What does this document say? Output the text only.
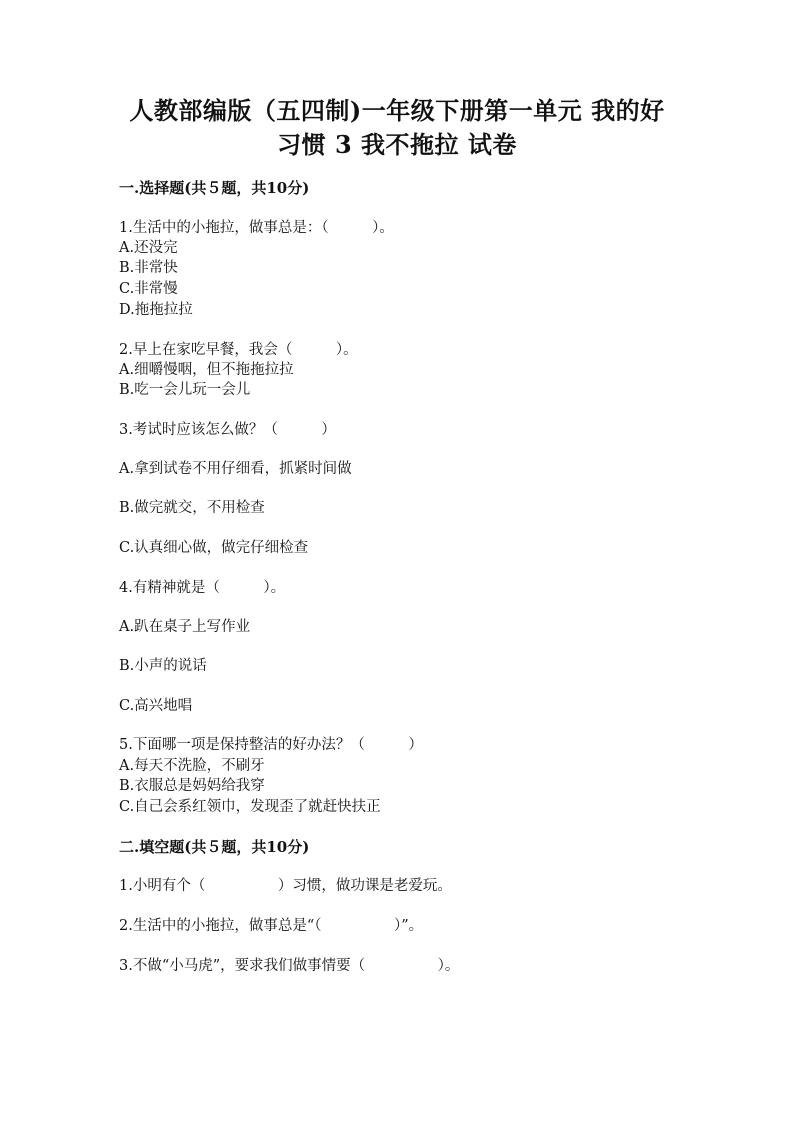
人教部编版（五四制)一年级下册第一单元 我的好
习惯 3 我不拖拉 试卷
一.选择题(共５题，共10分)
1.生活中的小拖拉，做事总是：（　　　）。
A.还没完
B.非常快
C.非常慢
D.拖拖拉拉
2.早上在家吃早餐，我会（　　　）。
A.细嚼慢咽，但不拖拖拉拉
B.吃一会儿玩一会儿
3.考试时应该怎么做？（　　　）
A.拿到试卷不用仔细看，抓紧时间做
B.做完就交，不用检查
C.认真细心做，做完仔细检查
4.有精神就是（　　　）。
A.趴在桌子上写作业
B.小声的说话
C.高兴地唱
5.下面哪一项是保持整洁的好办法？（　　　）
A.每天不洗脸，不刷牙
B.衣服总是妈妈给我穿
C.自己会系红领巾，发现歪了就赶快扶正
二.填空题(共５题，共10分)
1.小明有个（　　　　　）习惯，做功课是老爱玩。
2.生活中的小拖拉，做事总是“（　　　　　）”。
3.不做“小马虎”，要求我们做事情要（　　　　　）。
